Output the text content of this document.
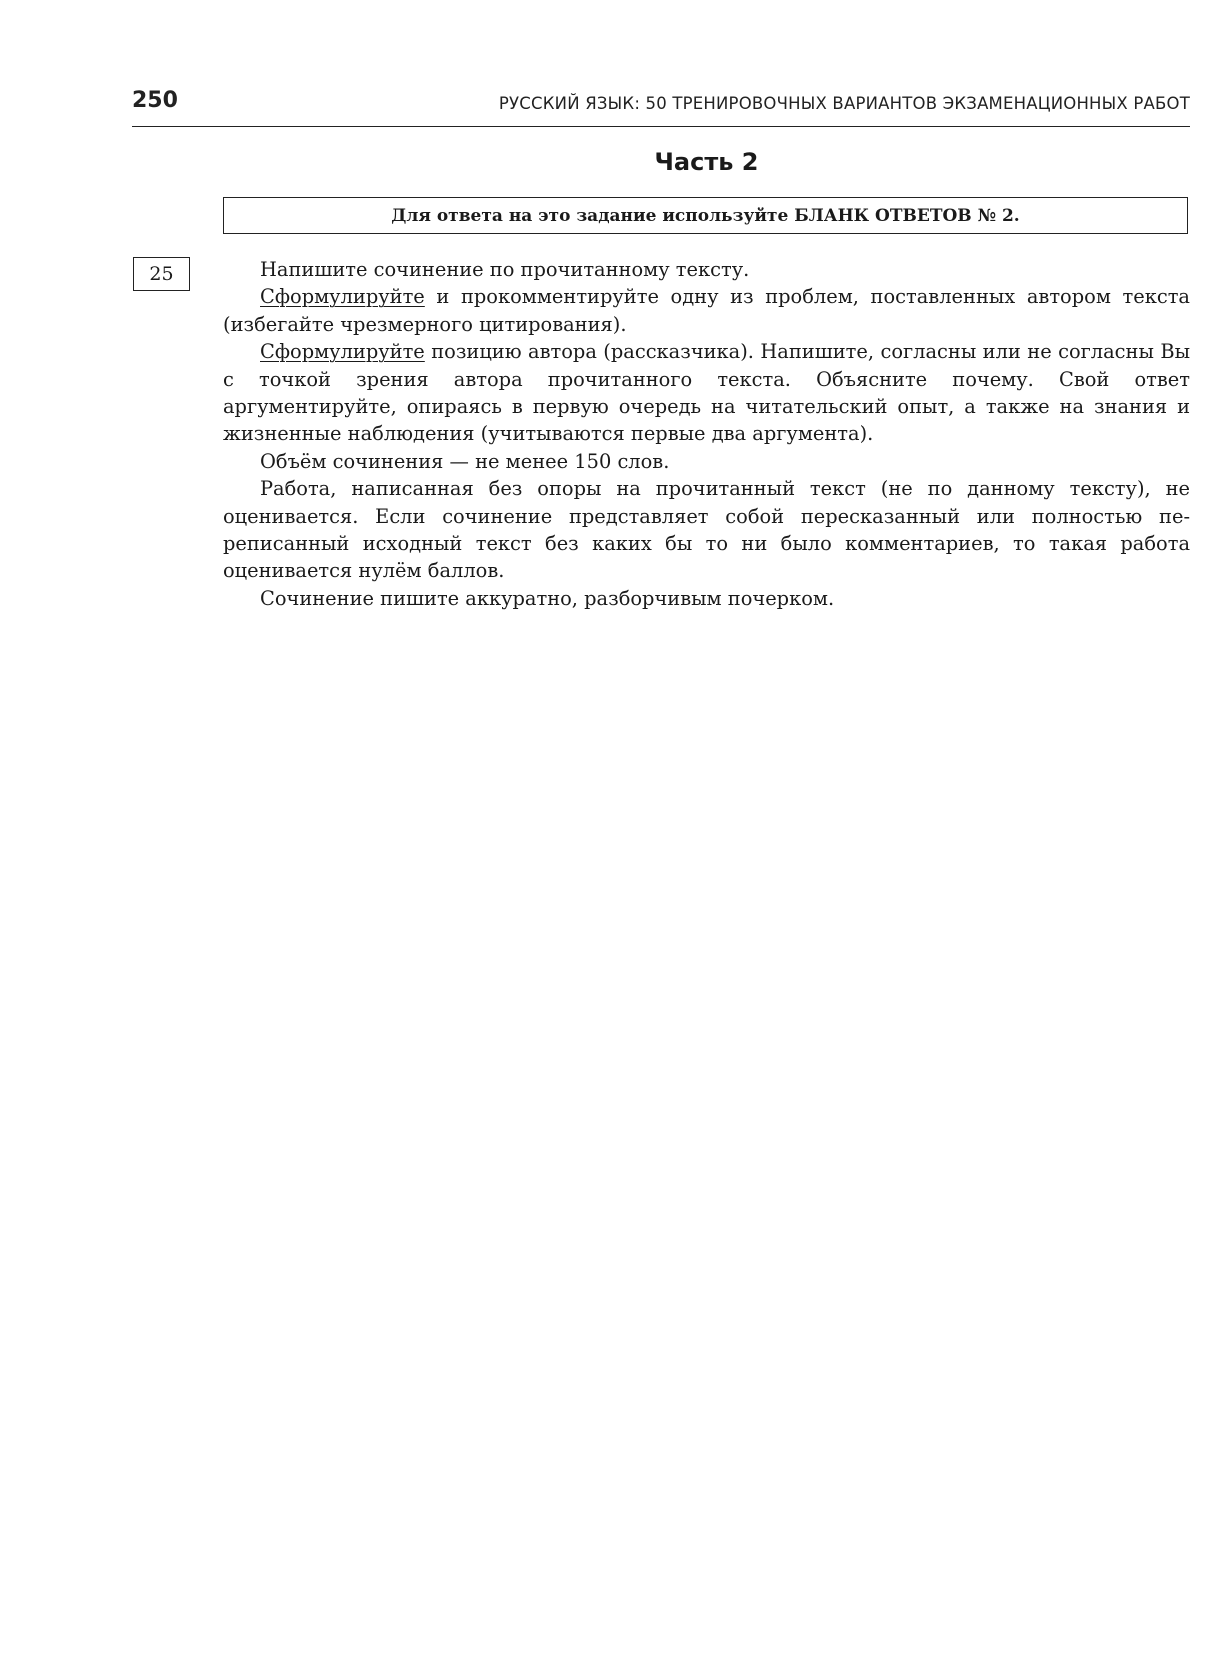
250	РУССКИЙ ЯЗЫК: 50 ТРЕНИРОВОЧНЫХ ВАРИАНТОВ ЭКЗАМЕНАЦИОННЫХ РАБОТ
Часть 2
Для ответа на это задание используйте БЛАНК ОТВЕТОВ № 2.
25	Напишите сочинение по прочитанному тексту.

Сформулируйте и прокомментируйте одну из проблем, поставленных автором текста (избегайте чрезмерного цитирования).

Сформулируйте позицию автора (рассказчика). Напишите, согласны или не согласны Вы с точкой зрения автора прочитанного текста. Объясните почему. Свой ответ аргументируйте, опираясь в первую очередь на читательский опыт, а также на знания и жизненные наблюдения (учитываются первые два аргумента).

Объём сочинения — не менее 150 слов.

Работа, написанная без опоры на прочитанный текст (не по данному тексту), не оценивается. Если сочинение представляет собой пересказанный или полностью переписанный исходный текст без каких бы то ни было комментариев, то такая работа оценивается нулём баллов.

Сочинение пишите аккуратно, разборчивым почерком.
